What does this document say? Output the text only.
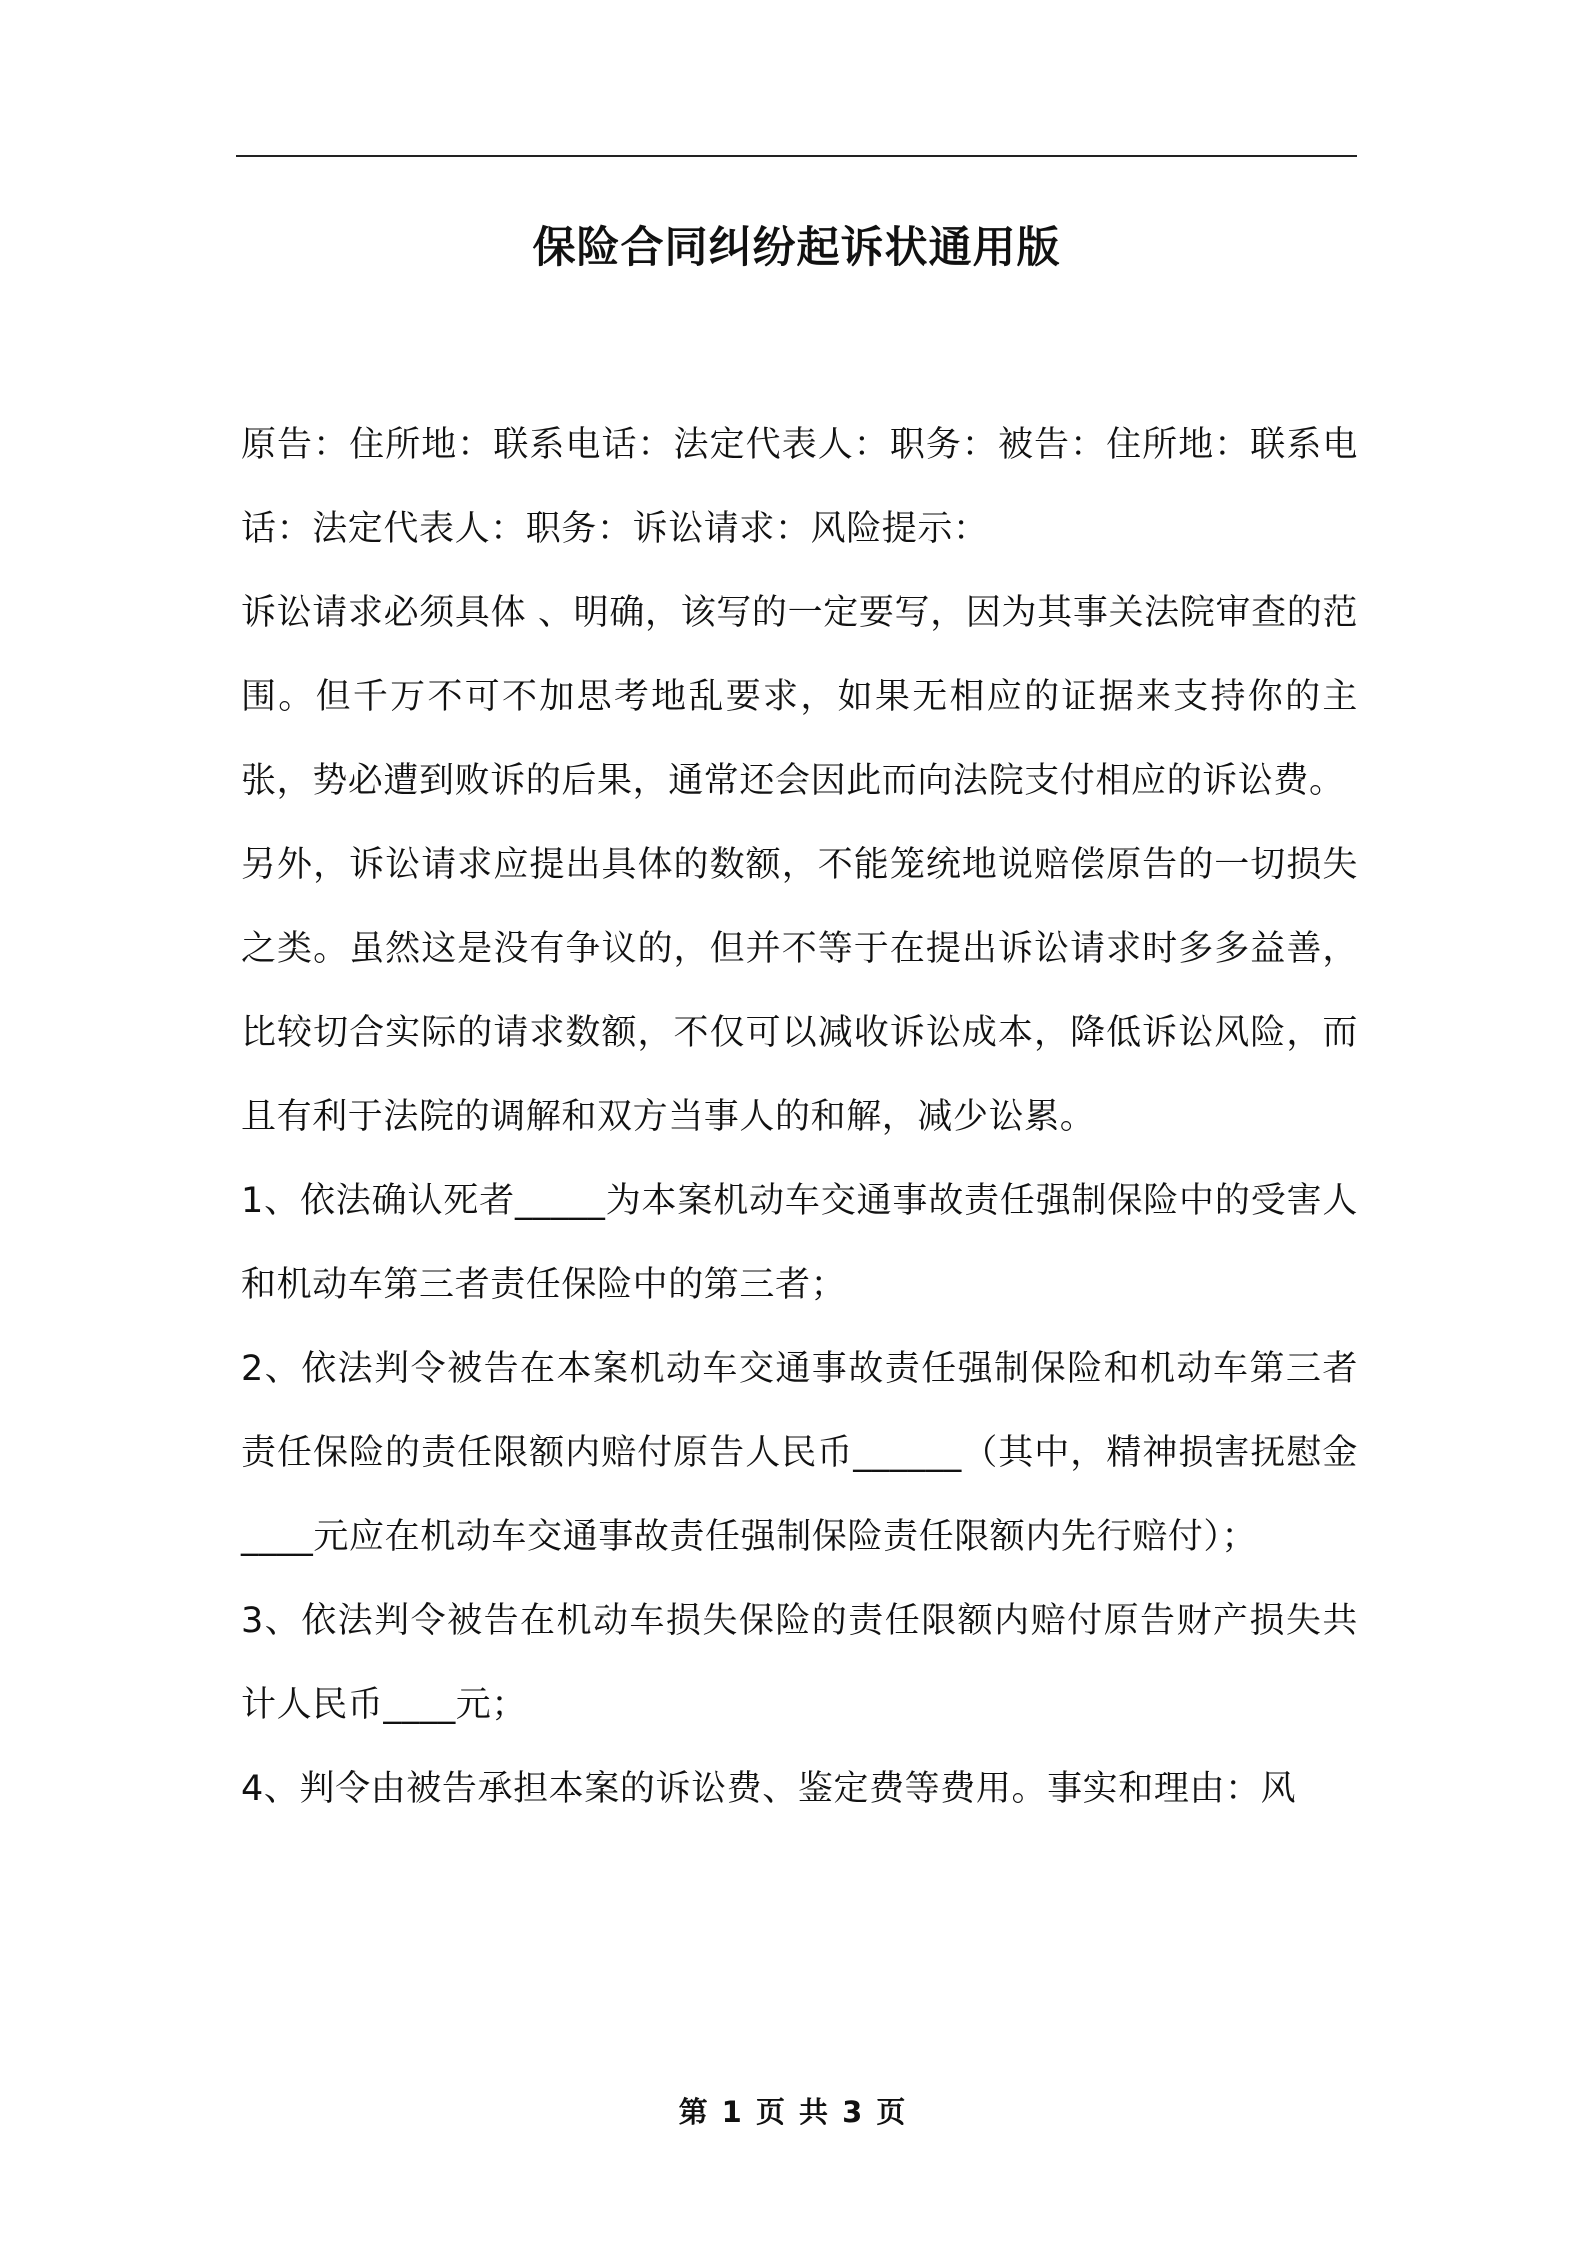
保险合同纠纷起诉状通用版

原告：住所地：联系电话：法定代表人：职务：被告：住所地：联系电话：法定代表人：职务：诉讼请求：风险提示：

诉讼请求必须具体 、明确，该写的一定要写，因为其事关法院审查的范围。但千万不可不加思考地乱要求，如果无相应的证据来支持你的主张，势必遭到败诉的后果，通常还会因此而向法院支付相应的诉讼费。

另外，诉讼请求应提出具体的数额，不能笼统地说赔偿原告的一切损失之类。虽然这是没有争议的，但并不等于在提出诉讼请求时多多益善，比较切合实际的请求数额，不仅可以减收诉讼成本，降低诉讼风险，而且有利于法院的调解和双方当事人的和解，减少讼累。

1、依法确认死者_____为本案机动车交通事故责任强制保险中的受害人和机动车第三者责任保险中的第三者；

2、依法判令被告在本案机动车交通事故责任强制保险和机动车第三者责任保险的责任限额内赔付原告人民币______（其中，精神损害抚慰金____元应在机动车交通事故责任强制保险责任限额内先行赔付）；

3、依法判令被告在机动车损失保险的责任限额内赔付原告财产损失共计人民币____元；

4、判令由被告承担本案的诉讼费、鉴定费等费用。事实和理由：风

第 1 页 共 3 页
